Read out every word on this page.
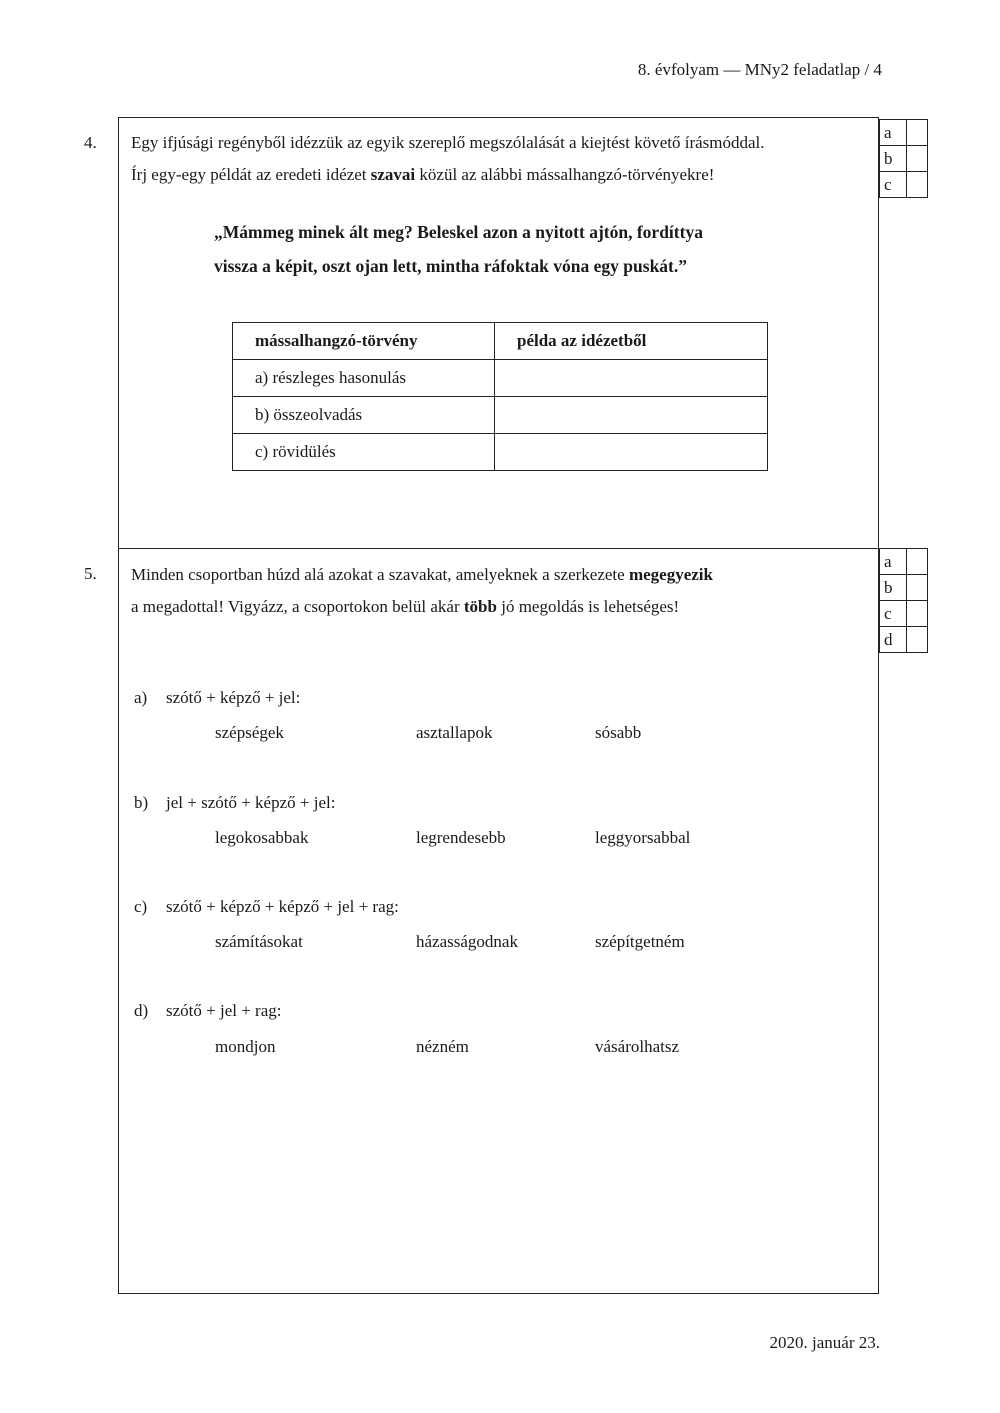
8. évfolyam — MNy2 feladatlap / 4
4. Egy ifjúsági regényből idézzük az egyik szereplő megszólalását a kiejtést követő írásmóddal.
Írj egy-egy példát az eredeti idézet szavai közül az alábbi mássalhangzó-törvényekre!
a	
b	
c	
„Mámmeg minek ált meg? Beleskel azon a nyitott ajtón, fordíttya
vissza a képit, oszt ojan lett, mintha ráfoktak vóna egy puskát.”
mássalhangzó-törvény	példa az idézetből
a) részleges hasonulás	
b) összeolvadás	
c) rövidülés	
5. Minden csoportban húzd alá azokat a szavakat, amelyeknek a szerkezete megegyezik
a megadottal! Vigyázz, a csoportokon belül akár több jó megoldás is lehetséges!
a	
b	
c	
d	
a) szótő + képző + jel:
szépségek	asztallapok	sósabb
b) jel + szótő + képző + jel:
legokosabbak	legrendesebb	leggyorsabbal
c) szótő + képző + képző + jel + rag:
számításokat	házasságodnak	szépítgetném
d) szótő + jel + rag:
mondjon	nézném	vásárolhatsz
2020. január 23.
